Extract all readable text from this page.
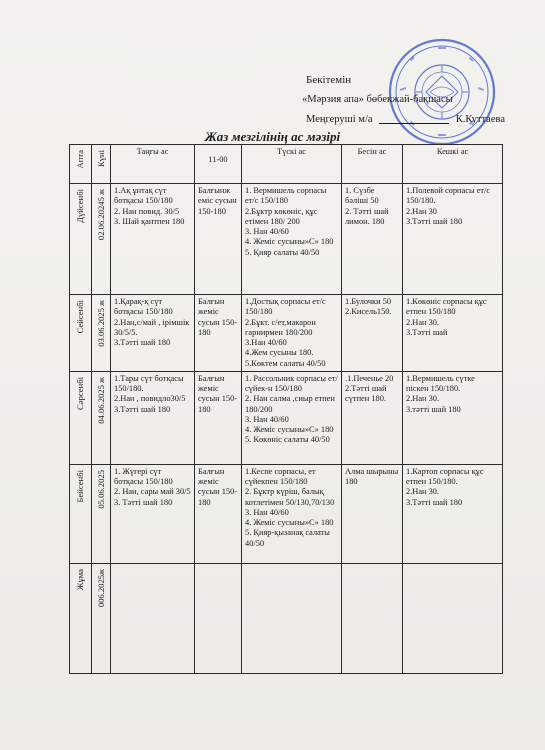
Бекітемін
«Мәрзия апа» бөбекжай-бақшасы
Меңгеруші м/а	К.Куттаева
Жаз мезгілінің ас мәзірі
Апта	Күні	Таңғы ас	11-00	Түскі ас	Бесін ас	Кешкі ас
Дүйсенбі	02.06.20245 ж	1.Ақ ұнтақ сүт ботқасы 150/180
2. Нан повид. 30/5
3. Шай қантпен 180	Балғынж еміс сусын 150-180	1. Вермишель сорпасы ет/с 150/180
2.Бұктр көкөніс, құс етімен 180/ 200
3. Нан 40/60
4. Жеміс сусыны»С» 180
5. Қияр салаты 40/50	1. Сүзбе бәліші 50
2. Тәтті шай лимон. 180	1.Полевой сорпасы ет/с 150/180.
2.Нан 30
3.Тәтті шай 180

Сейсенбі	03.06.2025 ж	1.Қарақ-қ сүт ботқасы 150/180
2.Нан,с/май , ірімшік 30/5/5.
3.Тәтті шай 180	Балғын жеміс сусын 150-180	1.Достық сорпасы ет/с 150/180
2.Бұкт. с/ет,макарон гарнирмен 180/200
3.Нан 40/60
4.Жем сусыны 180.
5.Көктем салаты 40/50	1.Булочки 50
2.Кисель150.	1.Көкөніс сорпасы құс етпен 150/180
2.Нан 30.
3.Тәтті шай

Сәрсенбі	04.06.2025 ж	1.Тары сүт ботқасы 150/180.
2.Нан , повидло30/5
3.Тәтті шай 180	Балғын жеміс сусын 150-180	1. Рассольник сорпасы ет/сүйек-н 150/180
2. Нан салма ,сиыр етпен 180/200
3. Нан 40/60
4. Жеміс сусыны»С» 180
5. Көкөніс салаты 40/50	.1.Печенье 20
2.Тәтті шай сүтпен 180.	1.Вермишель сүтке піскен 150/180.
2.Нан 30.
3.тәтті шай 180

Бейсенбі	05.06.2025	1. Жүгері сүт ботқасы 150/180
2. Нан, сары май 30/5
3. Тәтті шай 180	Балғын жеміс сусын 150-180	1.Кеспе сорпасы, ет сүйекпен 150/180
2. Бұктр күріш, балық котлетімен 50/130,70/130
3. Нан 40/60
4. Жеміс сусыны»С» 180
5. Қияр-қызанақ салаты 40/50	Алма шырыны 180	1.Картоп сорпасы құс етпен 150/180.
2.Нан 30.
3.Тәтті шай 180

Жұма	006.2025ж					
